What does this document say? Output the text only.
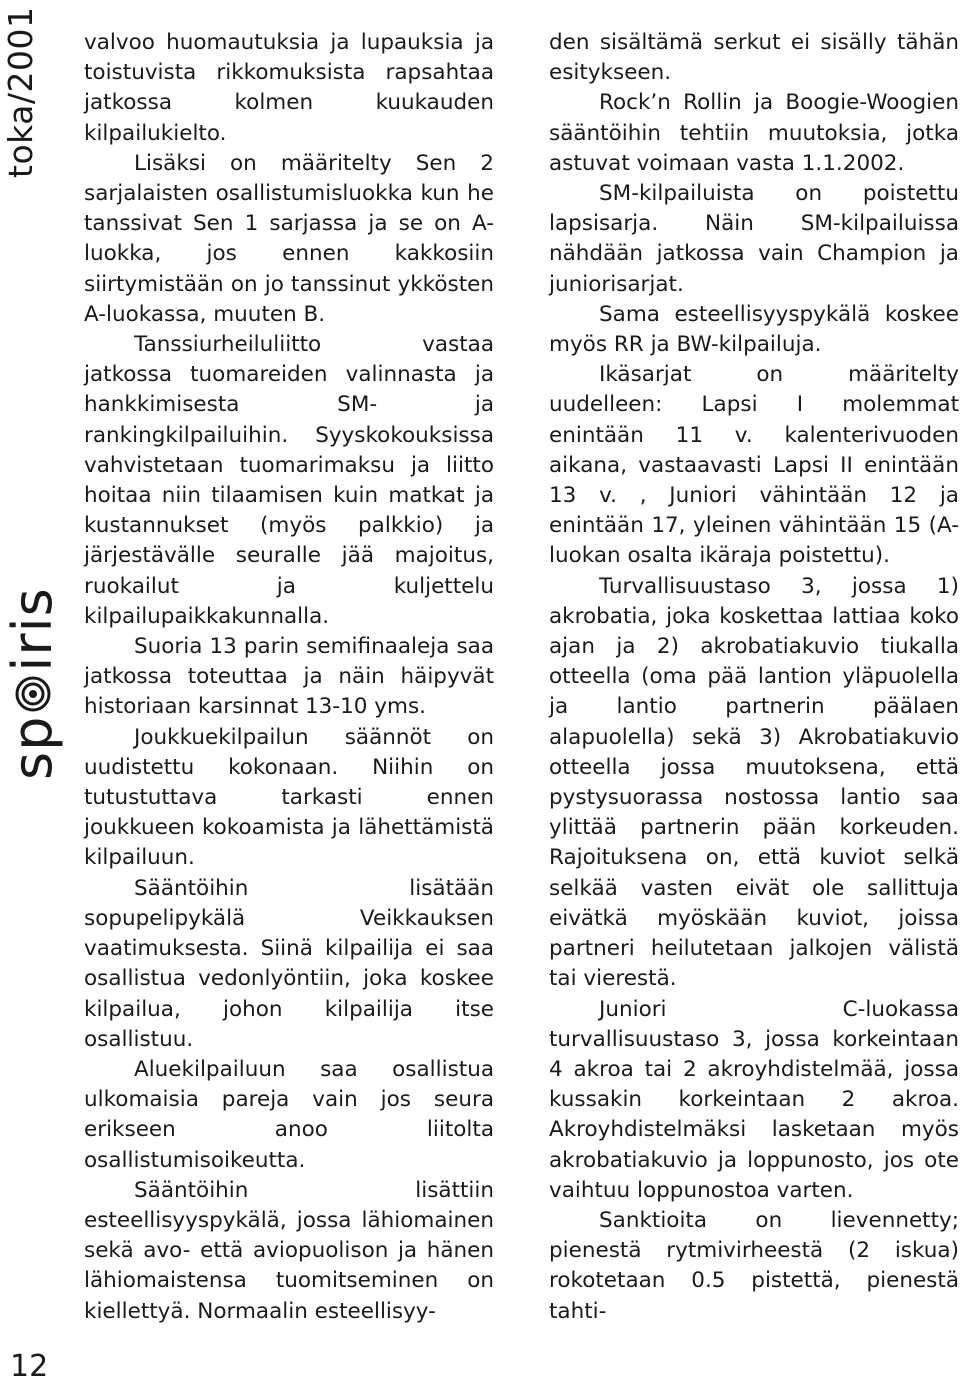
toka/2001
sp
iris
12

valvoo huomautuksia ja lupauksia ja toistuvista rikkomuksista rapsahtaa jatkossa kolmen kuukauden kilpailukielto.

Lisäksi on määritelty Sen 2 sarjalaisten osallistumisluokka kun he tanssivat Sen 1 sarjassa ja se on A-luokka, jos ennen kakkosiin siirtymistään on jo tanssinut ykkösten A-luokassa, muuten B.

Tanssiurheiluliitto vastaa jatkossa tuomareiden valinnasta ja hankkimisesta SM- ja rankingkilpailuihin. Syyskokouksissa vahvistetaan tuomarimaksu ja liitto hoitaa niin tilaamisen kuin matkat ja kustannukset (myös palkkio) ja järjestävälle seuralle jää majoitus, ruokailut ja kuljettelu kilpailupaikkakunnalla.

Suoria 13 parin semifinaaleja saa jatkossa toteuttaa ja näin häipyvät historiaan karsinnat 13-10 yms.

Joukkuekilpailun säännöt on uudistettu kokonaan. Niihin on tutustuttava tarkasti ennen joukkueen kokoamista ja lähettämistä kilpailuun.

Sääntöihin lisätään sopupelipykälä Veikkauksen vaatimuksesta. Siinä kilpailija ei saa osallistua vedonlyöntiin, joka koskee kilpailua, johon kilpailija itse osallistuu.

Aluekilpailuun saa osallistua ulkomaisia pareja vain jos seura erikseen anoo liitolta osallistumisoikeutta.

Sääntöihin lisättiin esteellisyyspykälä, jossa lähiomainen sekä avo- että aviopuolison ja hänen lähiomaistensa tuomitseminen on kiellettyä. Normaalin esteellisyy-

den sisältämä serkut ei sisälly tähän esitykseen.

Rock’n Rollin ja Boogie-Woogien sääntöihin tehtiin muutoksia, jotka astuvat voimaan vasta 1.1.2002.

SM-kilpailuista on poistettu lapsisarja. Näin SM-kilpailuissa nähdään jatkossa vain Champion ja juniorisarjat.

Sama esteellisyyspykälä koskee myös RR ja BW-kilpailuja.

Ikäsarjat on määritelty uudelleen: Lapsi I molemmat enintään 11 v. kalenterivuoden aikana, vastaavasti Lapsi II enintään 13 v. , Juniori vähintään 12 ja enintään 17, yleinen vähintään 15 (A-luokan osalta ikäraja poistettu).

Turvallisuustaso 3, jossa 1) akrobatia, joka koskettaa lattiaa koko ajan ja 2) akrobatiakuvio tiukalla otteella (oma pää lantion yläpuolella ja lantio partnerin päälaen alapuolella) sekä 3) Akrobatiakuvio otteella jossa muutoksena, että pystysuorassa nostossa lantio saa ylittää partnerin pään korkeuden. Rajoituksena on, että kuviot selkä selkää vasten eivät ole sallittuja eivätkä myöskään kuviot, joissa partneri heilutetaan jalkojen välistä tai vierestä.

Juniori C-luokassa turvallisuustaso 3, jossa korkeintaan 4 akroa tai 2 akroyhdistelmää, jossa kussakin korkeintaan 2 akroa. Akroyhdistelmäksi lasketaan myös akrobatiakuvio ja loppunosto, jos ote vaihtuu loppunostoa varten.

Sanktioita on lievennetty; pienestä rytmivirheestä (2 iskua) rokotetaan 0.5 pistettä, pienestä tahti-
